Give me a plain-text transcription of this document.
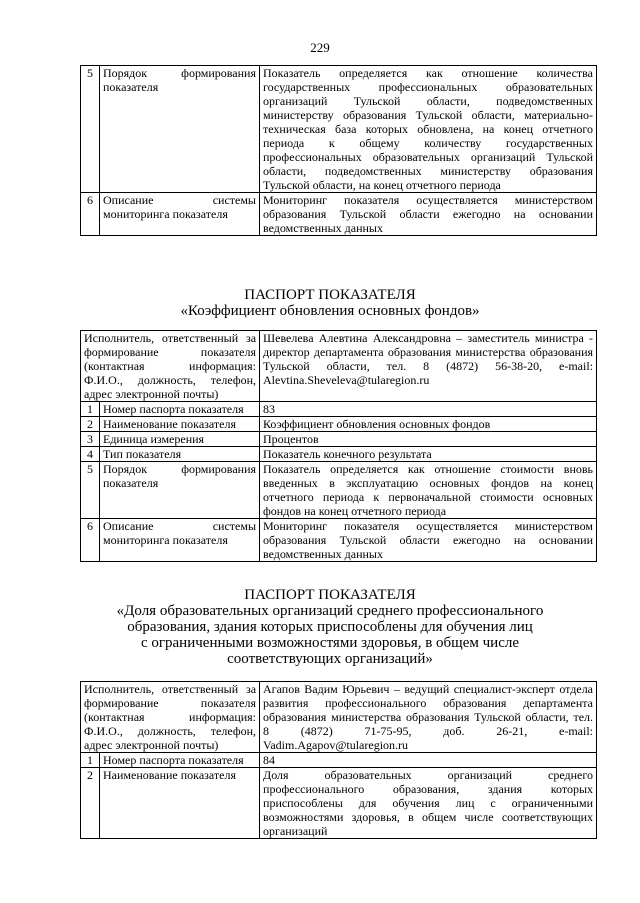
229
5	Порядок формирования показателя	Показатель определяется как отношение количества государственных профессиональных образовательных организаций Тульской области, подведомственных министерству образования Тульской области, материально-техническая база которых обновлена, на конец отчетного периода к общему количеству государственных профессиональных образовательных организаций Тульской области, подведомственных министерству образования Тульской области, на конец отчетного периода
6	Описание системы мониторинга показателя	Мониторинг показателя осуществляется министерством образования Тульской области ежегодно на основании ведомственных данных
ПАСПОРТ ПОКАЗАТЕЛЯ
«Коэффициент обновления основных фондов»
Исполнитель, ответственный за формирование показателя (контактная информация: Ф.И.О., должность, телефон, адрес электронной почты)		Шевелева Алевтина Александровна – заместитель министра - директор департамента образования министерства образования Тульской области, тел. 8 (4872) 56-38-20, e-mail: Alevtina.Sheveleva@tularegion.ru
1	Номер паспорта показателя	83
2	Наименование показателя	Коэффициент обновления основных фондов
3	Единица измерения	Процентов
4	Тип показателя	Показатель конечного результата
5	Порядок формирования показателя	Показатель определяется как отношение стоимости вновь введенных в эксплуатацию основных фондов на конец отчетного периода к первоначальной стоимости основных фондов на конец отчетного периода
6	Описание системы мониторинга показателя	Мониторинг показателя осуществляется министерством образования Тульской области ежегодно на основании ведомственных данных
ПАСПОРТ ПОКАЗАТЕЛЯ
«Доля образовательных организаций среднего профессионального
образования, здания которых приспособлены для обучения лиц
с ограниченными возможностями здоровья, в общем числе
соответствующих организаций»
Исполнитель, ответственный за формирование показателя (контактная информация: Ф.И.О., должность, телефон, адрес электронной почты)		Агапов Вадим Юрьевич – ведущий специалист-эксперт отдела развития профессионального образования департамента образования министерства образования Тульской области, тел. 8 (4872) 71-75-95, доб. 26-21, e-mail: Vadim.Agapov@tularegion.ru
1	Номер паспорта показателя	84
2	Наименование показателя	Доля образовательных организаций среднего профессионального образования, здания которых приспособлены для обучения лиц с ограниченными возможностями здоровья, в общем числе соответствующих организаций
